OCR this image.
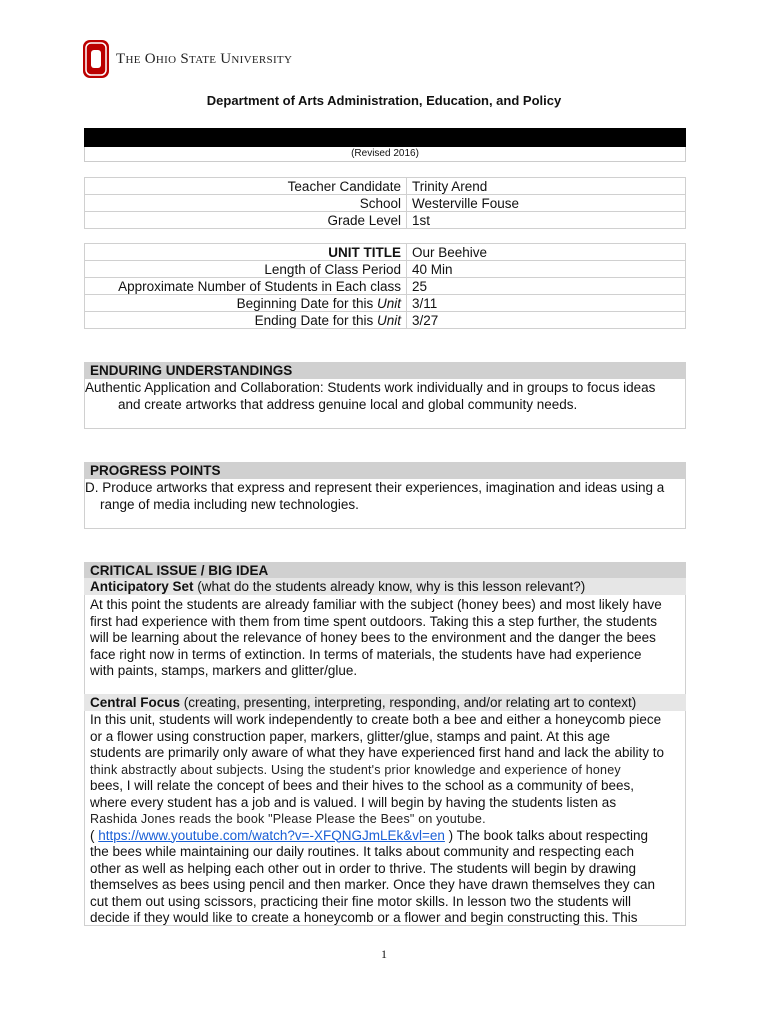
The Ohio State University
Department of Arts Administration, Education, and Policy
(Revised 2016)
Teacher Candidate	Trinity Arend
School	Westerville Fouse
Grade Level	1st
UNIT TITLE	Our Beehive
Length of Class Period	40 Min
Approximate Number of Students in Each class	25
Beginning Date for this Unit	3/11
Ending Date for this Unit	3/27
ENDURING UNDERSTANDINGS
Authentic Application and Collaboration: Students work individually and in groups to focus ideas and create artworks that address genuine local and global community needs.
PROGRESS POINTS
D. Produce artworks that express and represent their experiences, imagination and ideas using a range of media including new technologies.
CRITICAL ISSUE / BIG IDEA
Anticipatory Set (what do the students already know, why is this lesson relevant?)
At this point the students are already familiar with the subject (honey bees) and most likely have
first had experience with them from time spent outdoors. Taking this a step further, the students
will be learning about the relevance of honey bees to the environment and the danger the bees
face right now in terms of extinction. In terms of materials, the students have had experience
with paints, stamps, markers and glitter/glue.
Central Focus (creating, presenting, interpreting, responding, and/or relating art to context)
In this unit, students will work independently to create both a bee and either a honeycomb piece
or a flower using construction paper, markers, glitter/glue, stamps and paint. At this age
students are primarily only aware of what they have experienced first hand and lack the ability to
think abstractly about subjects. Using the student's prior knowledge and experience of honey
bees, I will relate the concept of bees and their hives to the school as a community of bees,
where every student has a job and is valued. I will begin by having the students listen as
Rashida Jones reads the book "Please Please the Bees" on youtube.
( https://www.youtube.com/watch?v=-XFQNGJmLEk&vl=en ) The book talks about respecting
the bees while maintaining our daily routines. It talks about community and respecting each
other as well as helping each other out in order to thrive. The students will begin by drawing
themselves as bees using pencil and then marker. Once they have drawn themselves they can
cut them out using scissors, practicing their fine motor skills. In lesson two the students will
decide if they would like to create a honeycomb or a flower and begin constructing this. This
1
